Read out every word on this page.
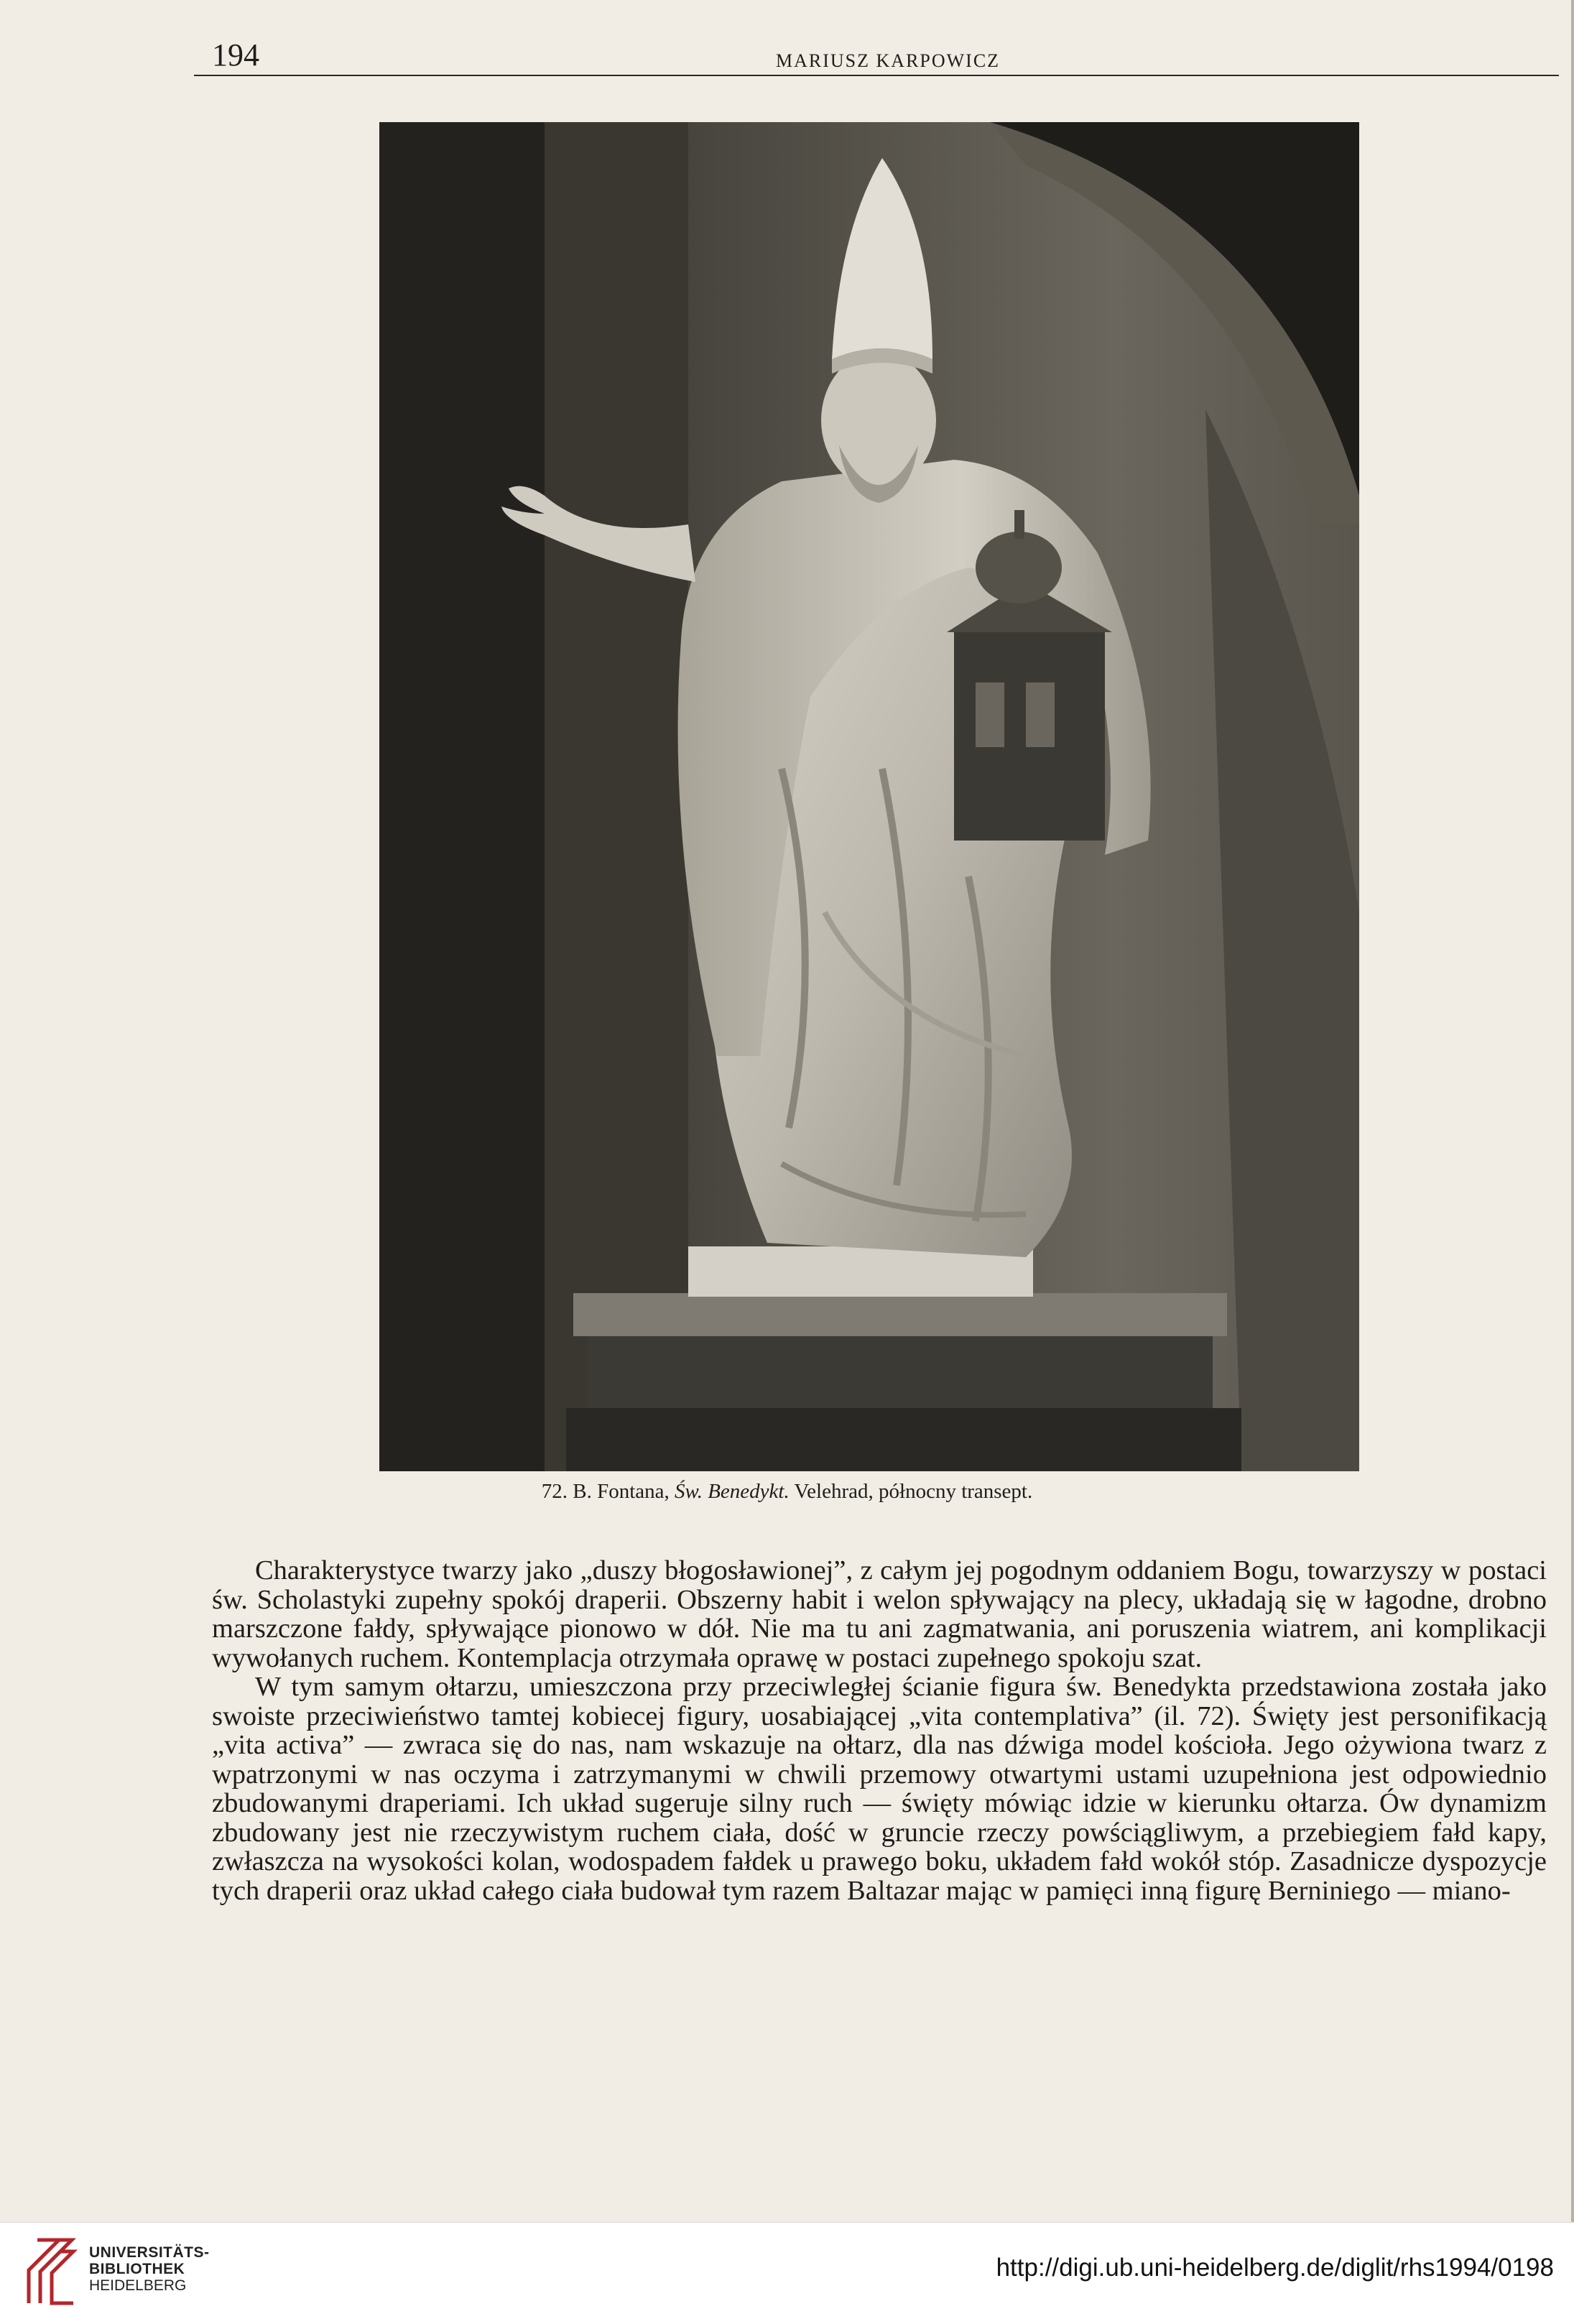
194	MARIUSZ KARPOWICZ
72. B. Fontana, Św. Benedykt. Velehrad, północny transept.

Charakterystyce twarzy jako „duszy błogosławionej”, z całym jej pogodnym oddaniem Bogu, towarzyszy w postaci św. Scholastyki zupełny spokój draperii. Obszerny habit i welon spływający na plecy, układają się w łagodne, drobno marszczone fałdy, spływające pionowo w dół. Nie ma tu ani zagmatwania, ani poruszenia wiatrem, ani komplikacji wywołanych ruchem. Kontemplacja otrzymała oprawę w postaci zupełnego spokoju szat.

W tym samym ołtarzu, umieszczona przy przeciwległej ścianie figura św. Benedykta przedstawiona została jako swoiste przeciwieństwo tamtej kobiecej figury, uosabiającej „vita contemplativa” (il. 72). Święty jest personifikacją „vita activa” — zwraca się do nas, nam wskazuje na ołtarz, dla nas dźwiga model kościoła. Jego ożywiona twarz z wpatrzonymi w nas oczyma i zatrzymanymi w chwili przemowy otwartymi ustami uzupełniona jest odpowiednio zbudowanymi draperiami. Ich układ sugeruje silny ruch — święty mówiąc idzie w kierunku ołtarza. Ów dynamizm zbudowany jest nie rzeczywistym ruchem ciała, dość w gruncie rzeczy powściągliwym, a przebiegiem fałd kapy, zwłaszcza na wysokości kolan, wodospadem fałdek u prawego boku, układem fałd wokół stóp. Zasadnicze dyspozycje tych draperii oraz układ całego ciała budował tym razem Baltazar mając w pamięci inną figurę Berniniego — miano-

UNIVERSITÄTS-
BIBLIOTHEK
HEIDELBERG
http://digi.ub.uni-heidelberg.de/diglit/rhs1994/0198
